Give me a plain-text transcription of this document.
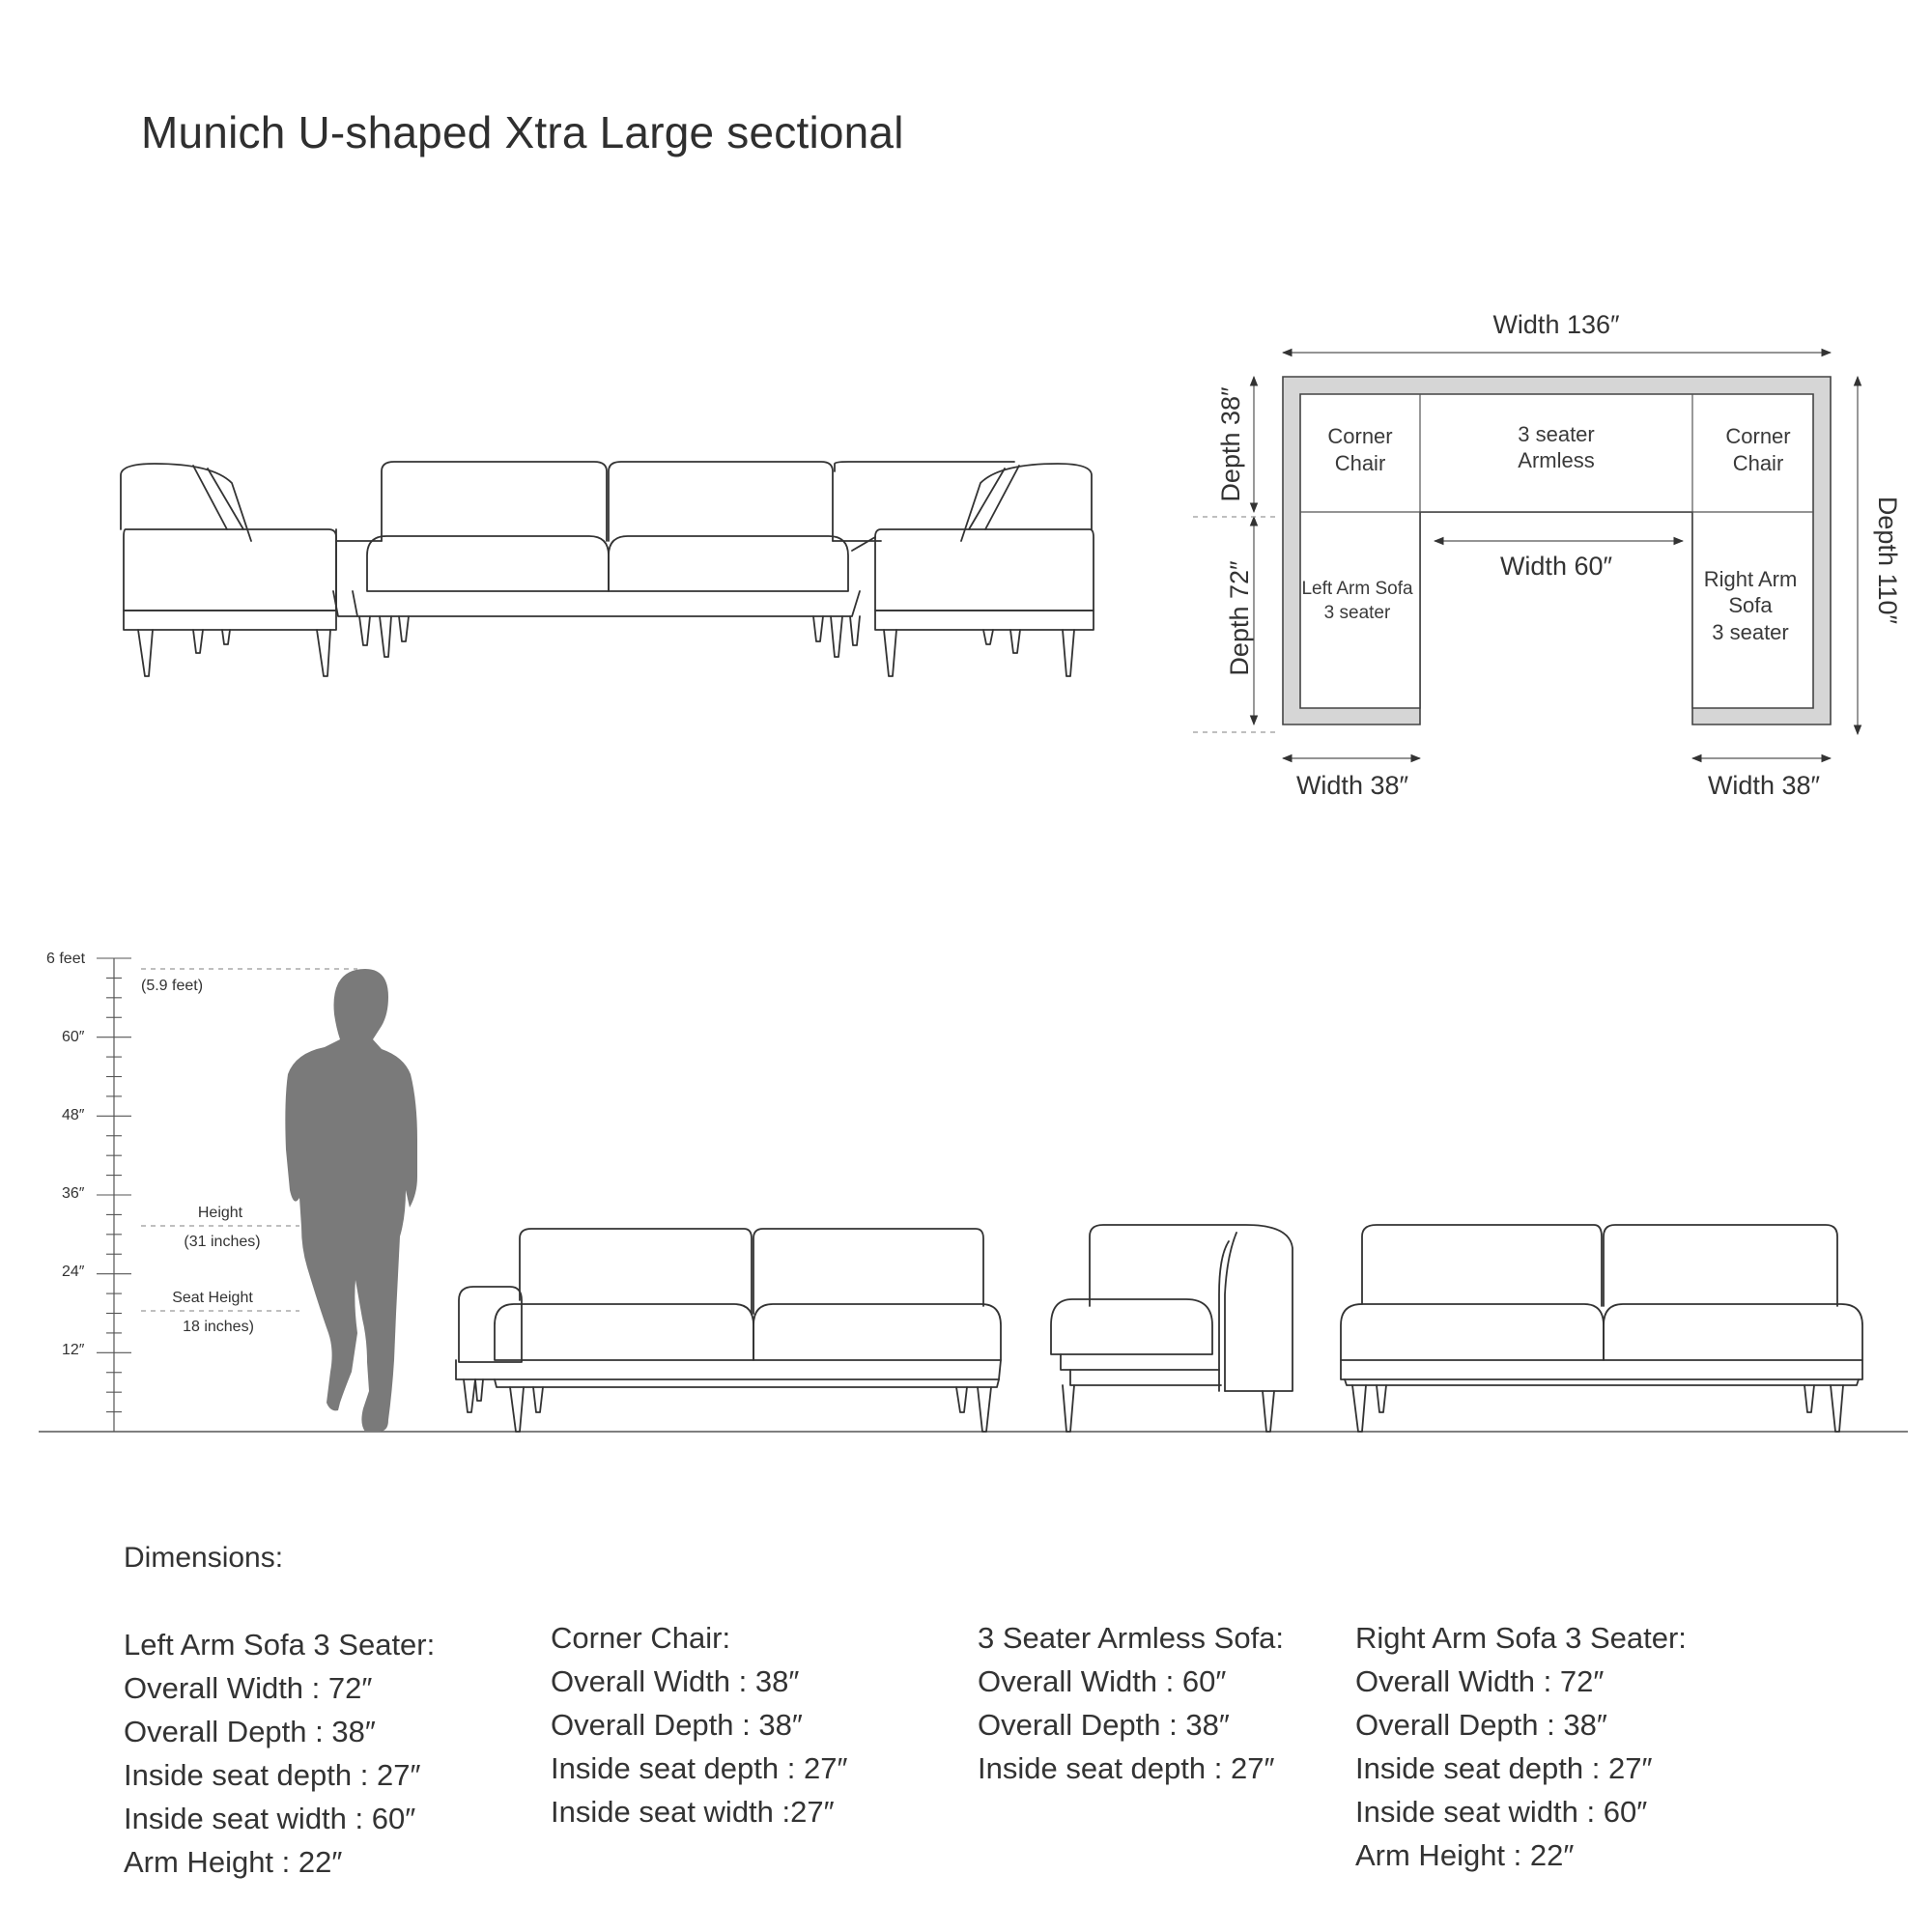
Munich U-shaped Xtra Large sectional
Corner
Chair
3 seater
Armless
Corner
Chair
Left Arm Sofa
3 seater
Right Arm
Sofa
3 seater
Width 136″
Width 60″
Width 38″	Width 38″
Depth 38″
Depth 72″	Depth 110″
6 feet
60″
48″
36″
24″
12″
(5.9 feet)
Height
(31 inches)
Seat Height
18 inches)
Dimensions:
Left Arm Sofa 3 Seater:
Overall Width : 72″
Overall Depth : 38″
Inside seat depth : 27″
Inside seat width : 60″
Arm Height : 22″
Corner Chair:
Overall Width : 38″
Overall Depth : 38″
Inside seat depth : 27″
Inside seat width :27″
3 Seater Armless Sofa:
Overall Width : 60″
Overall Depth : 38″
Inside seat depth : 27″
Right Arm Sofa 3 Seater:
Overall Width : 72″
Overall Depth : 38″
Inside seat depth : 27″
Inside seat width : 60″
Arm Height : 22″
